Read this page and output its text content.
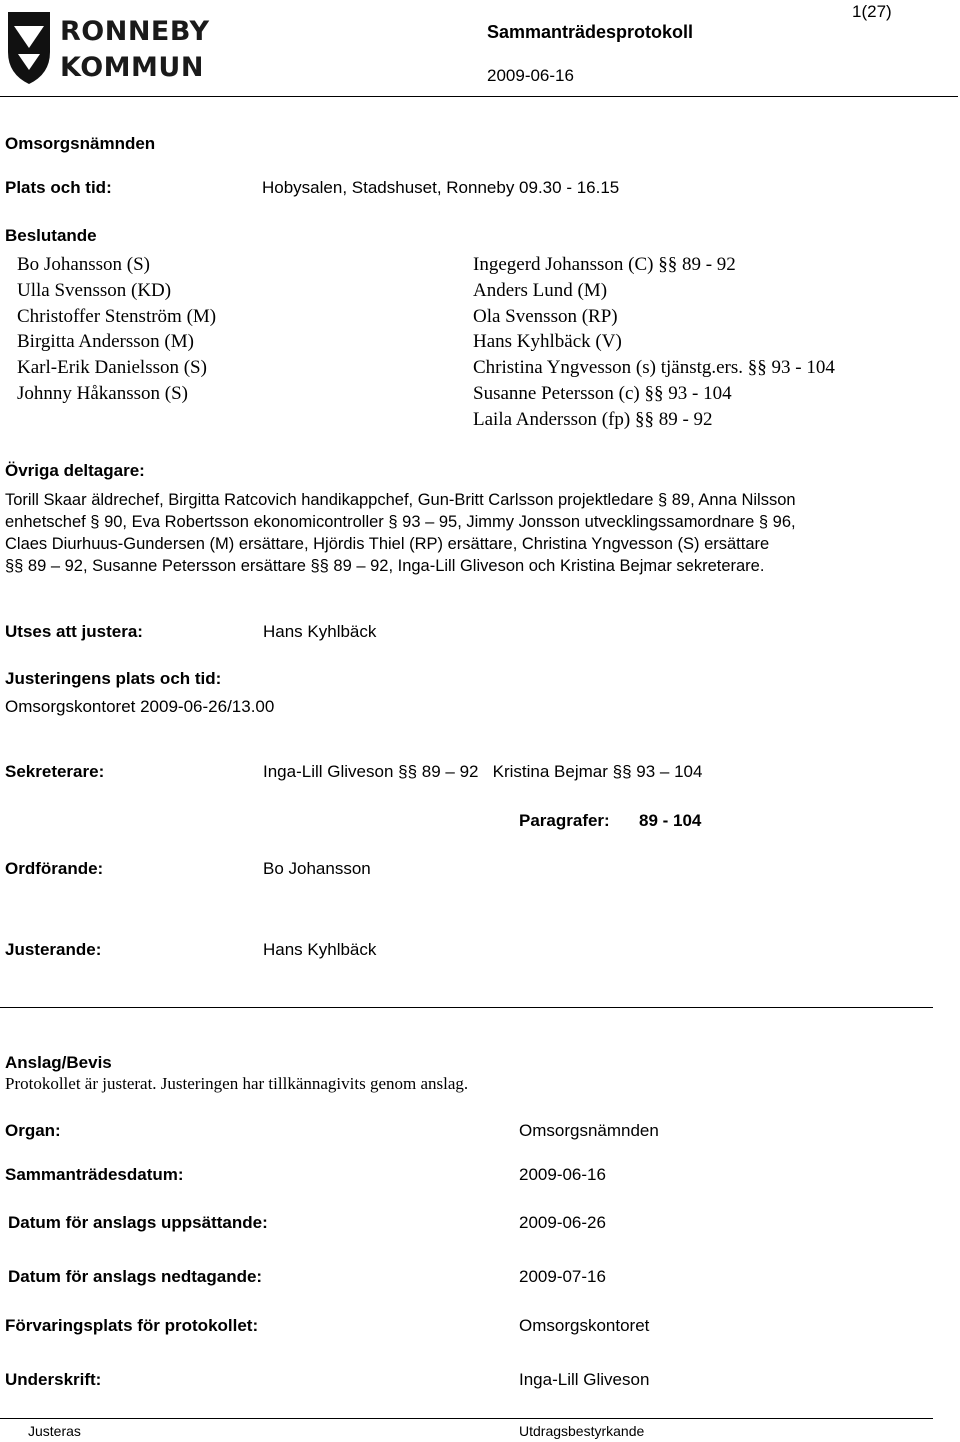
RONNEBY
KOMMUN
1(27)
Sammanträdesprotokoll
2009-06-16
Omsorgsnämnden
Plats och tid:	Hobysalen, Stadshuset, Ronneby 09.30 - 16.15
Beslutande
Bo Johansson (S)
Ulla Svensson (KD)
Christoffer Stenström (M)
Birgitta Andersson (M)
Karl-Erik Danielsson (S)
Johnny Håkansson (S)
Ingegerd Johansson (C) §§ 89 - 92
Anders Lund (M)
Ola Svensson (RP)
Hans Kyhlbäck (V)
Christina Yngvesson (s) tjänstg.ers. §§ 93 - 104
Susanne Petersson (c) §§ 93 - 104
Laila Andersson (fp) §§ 89 - 92
Övriga deltagare:
Torill Skaar äldrechef, Birgitta Ratcovich handikappchef, Gun-Britt Carlsson projektledare § 89, Anna Nilsson
enhetschef § 90, Eva Robertsson ekonomicontroller § 93 – 95, Jimmy Jonsson utvecklingssamordnare § 96,
Claes Diurhuus-Gundersen (M) ersättare, Hjördis Thiel (RP) ersättare, Christina Yngvesson (S) ersättare
§§ 89 – 92, Susanne Petersson ersättare §§ 89 – 92, Inga-Lill Gliveson och Kristina Bejmar sekreterare.
Utses att justera:	Hans Kyhlbäck
Justeringens plats och tid:
Omsorgskontoret 2009-06-26/13.00
Sekreterare:	Inga-Lill Gliveson §§ 89 – 92   Kristina Bejmar §§ 93 – 104
Paragrafer: 89 - 104
Ordförande:	Bo Johansson
Justerande:	Hans Kyhlbäck
Anslag/Bevis
Protokollet är justerat. Justeringen har tillkännagivits genom anslag.
Organ:	Omsorgsnämnden
Sammanträdesdatum:	2009-06-16
Datum för anslags uppsättande:	2009-06-26
Datum för anslags nedtagande:	2009-07-16
Förvaringsplats för protokollet:	Omsorgskontoret
Underskrift:	Inga-Lill Gliveson
Justeras	Utdragsbestyrkande
